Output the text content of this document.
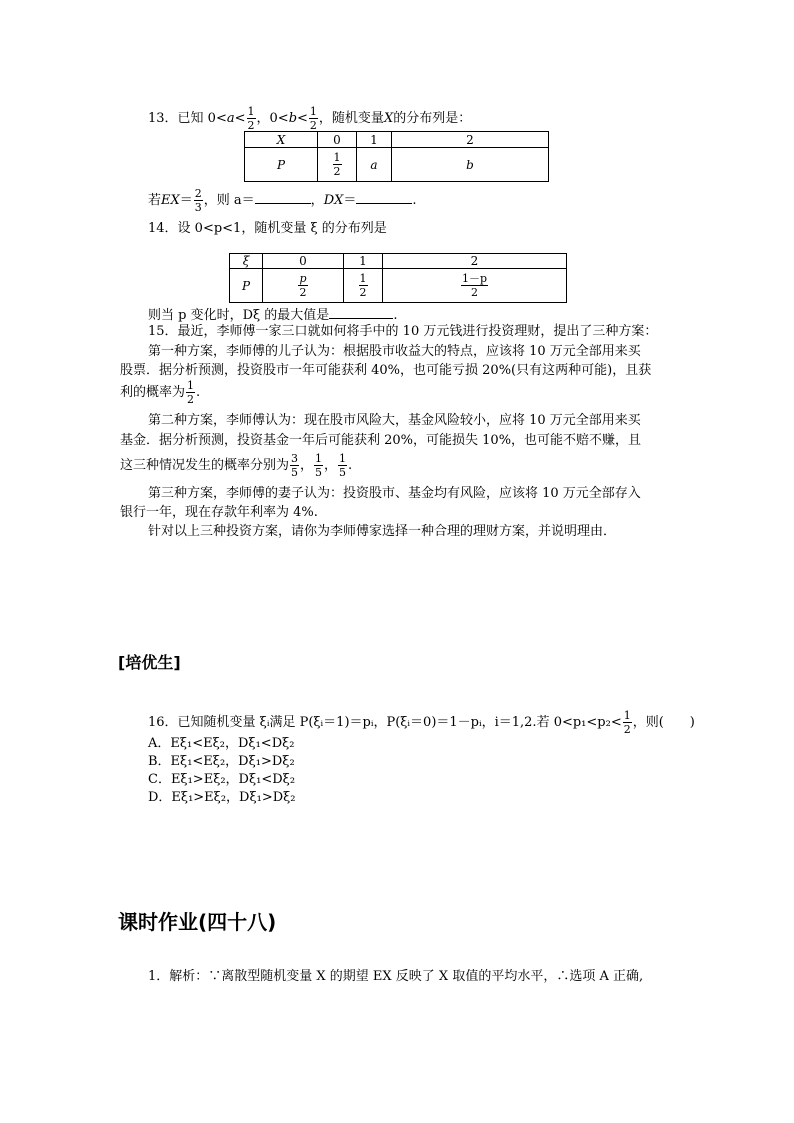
13．已知 $0<a< \frac{1}{2}$ ，$0<b< \frac{1}{2}$ ，随机变量X的分布列是：
X	0	1	2
P	$\frac{1}{2}$	a	b
若$EX= \frac{2}{3}$ ，则 a＝	，DX＝	.
14．设 0<p<1，随机变量 ξ 的分布列是
ξ	0	1	2
P	$\frac{p}{2}$	$\frac{1}{2}$	$\frac{1-p}{2}$
则当 p 变化时，Dξ 的最大值是	.
15．最近，李师傅一家三口就如何将手中的 10 万元钱进行投资理财，提出了三种方案：
第一种方案，李师傅的儿子认为：根据股市收益大的特点，应该将 10 万元全部用来买
股票．据分析预测，投资股市一年可能获利 40%，也可能亏损 20%(只有这两种可能)，且获
利的概率为 $\frac{1}{2}$ .
第二种方案，李师傅认为：现在股市风险大，基金风险较小，应将 10 万元全部用来买
基金．据分析预测，投资基金一年后可能获利 20%，可能损失 10%，也可能不赔不赚，且
这三种情况发生的概率分别为 $\frac{3}{5}$ ， $\frac{1}{5}$ ， $\frac{1}{5}$ .
第三种方案，李师傅的妻子认为：投资股市、基金均有风险，应该将 10 万元全部存入
银行一年，现在存款年利率为 4%.
针对以上三种投资方案，请你为李师傅家选择一种合理的理财方案，并说明理由．
[培优生]
16．已知随机变量 ξᵢ满足 P(ξᵢ＝1)＝pᵢ，P(ξᵢ＝0)＝1－pᵢ，i＝1,2.若 $0<p_1<p_2< \frac{1}{2}$ ，则(　　)
A．Eξ₁<Eξ₂，Dξ₁<Dξ₂
B．Eξ₁<Eξ₂，Dξ₁>Dξ₂
C．Eξ₁>Eξ₂，Dξ₁<Dξ₂
D．Eξ₁>Eξ₂，Dξ₁>Dξ₂
课时作业(四十八)
1．解析：∵离散型随机变量 X 的期望 EX 反映了 X 取值的平均水平，∴选项 A 正确,
